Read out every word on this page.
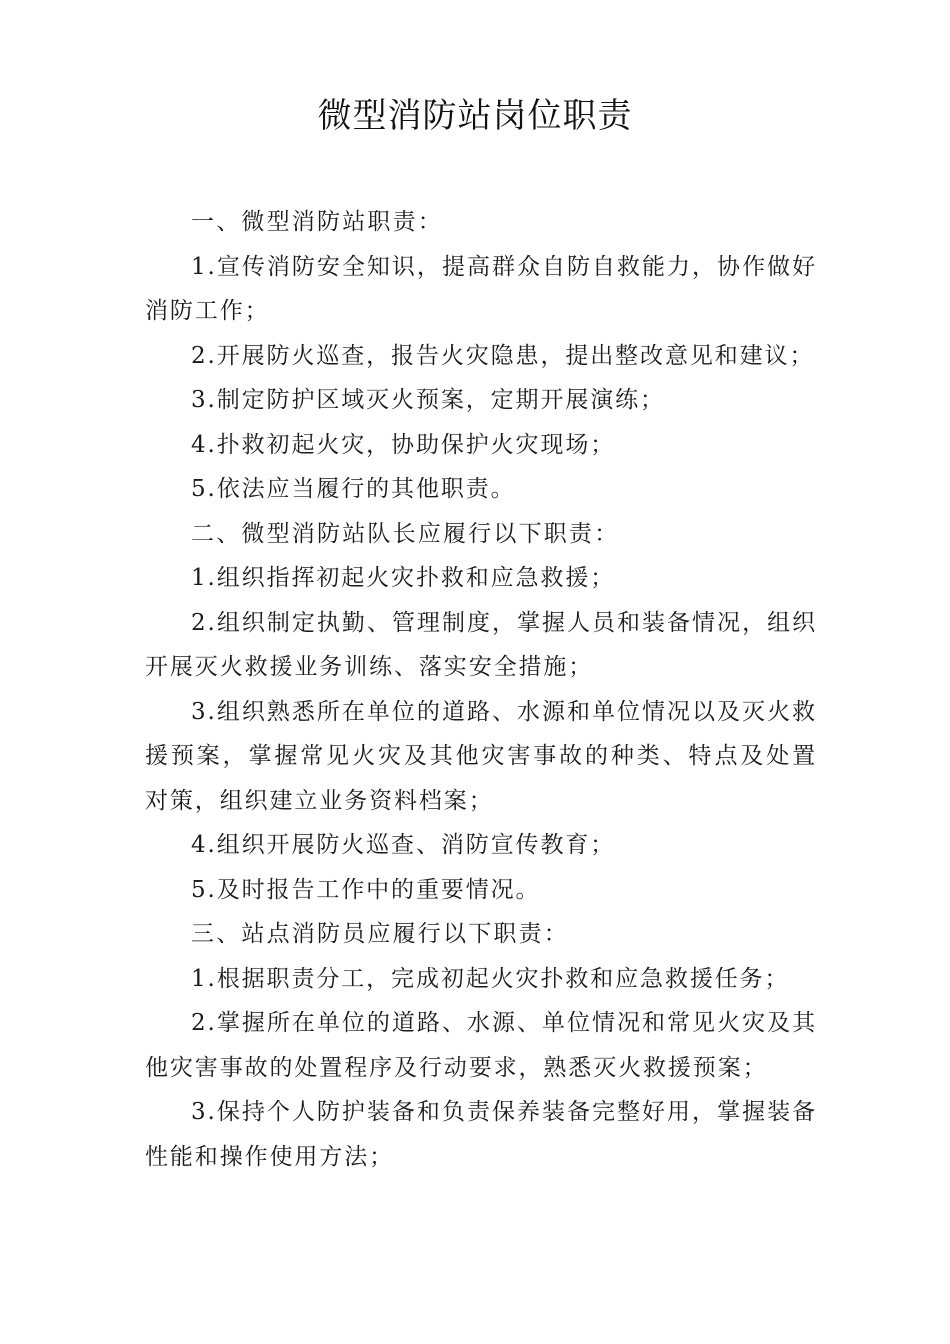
微型消防站岗位职责

一、微型消防站职责：

1.宣传消防安全知识，提高群众自防自救能力，协作做好消防工作；

2.开展防火巡查，报告火灾隐患，提出整改意见和建议；

3.制定防护区域灭火预案，定期开展演练；

4.扑救初起火灾，协助保护火灾现场；

5.依法应当履行的其他职责。

二、微型消防站队长应履行以下职责：

1.组织指挥初起火灾扑救和应急救援；

2.组织制定执勤、管理制度，掌握人员和装备情况，组织开展灭火救援业务训练、落实安全措施；

3.组织熟悉所在单位的道路、水源和单位情况以及灭火救援预案，掌握常见火灾及其他灾害事故的种类、特点及处置对策，组织建立业务资料档案；

4.组织开展防火巡查、消防宣传教育；

5.及时报告工作中的重要情况。

三、站点消防员应履行以下职责：

1.根据职责分工，完成初起火灾扑救和应急救援任务；

2.掌握所在单位的道路、水源、单位情况和常见火灾及其他灾害事故的处置程序及行动要求，熟悉灭火救援预案；

3.保持个人防护装备和负责保养装备完整好用，掌握装备性能和操作使用方法；
